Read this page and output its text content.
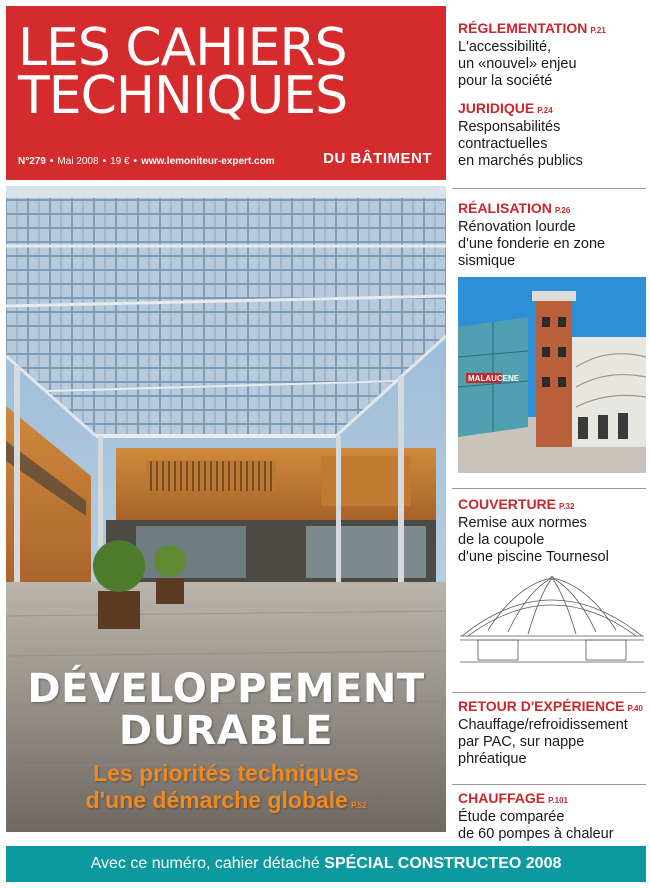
LES CAHIERS
TECHNIQUES
N°279 • Mai 2008 • 19 € • www.lemoniteur-expert.com	DU BÂTIMENT
DÉVELOPPEMENT
DURABLE
Les priorités techniques
d'une démarche globale P.52
RÉGLEMENTATION P.21
L'accessibilité,
un «nouvel» enjeu
pour la société
JURIDIQUE P.24
Responsabilités
contractuelles
en marchés publics
RÉALISATION P.26
Rénovation lourde
d'une fonderie en zone
sismique
COUVERTURE P.32
Remise aux normes
de la coupole
d'une piscine Tournesol
RETOUR D'EXPÉRIENCE P.40
Chauffage/refroidissement
par PAC, sur nappe
phréatique
CHAUFFAGE P.101
Étude comparée
de 60 pompes à chaleur
MALAUCENE
Avec ce numéro, cahier détaché SPÉCIAL CONSTRUCTEO 2008
